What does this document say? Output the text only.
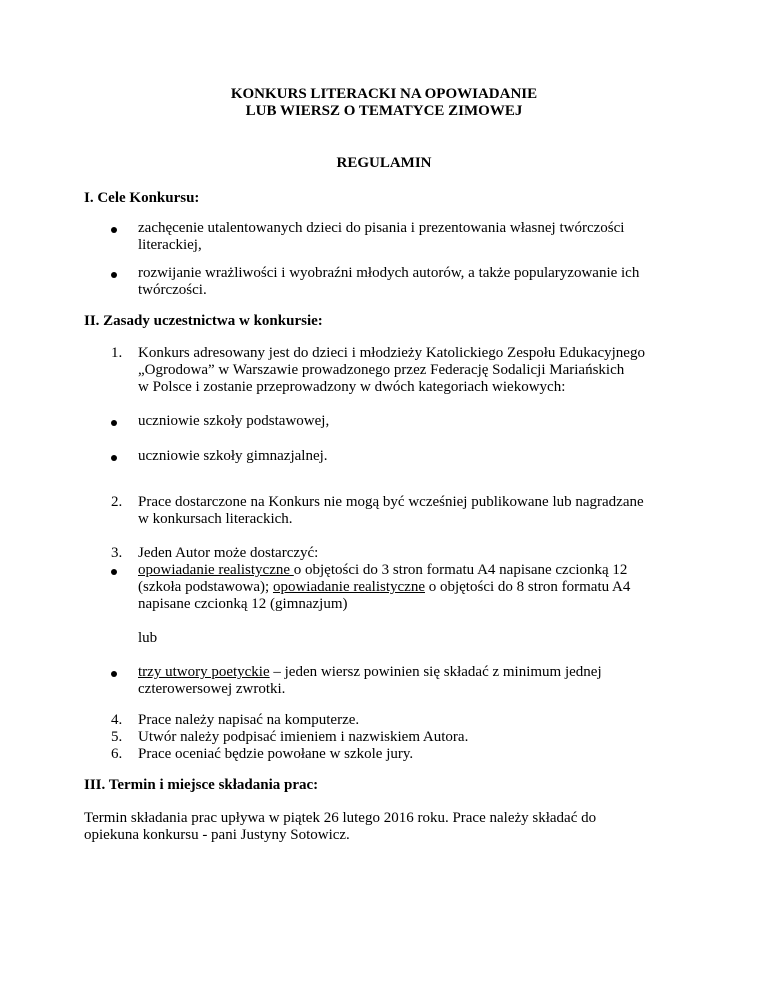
KONKURS LITERACKI NA OPOWIADANIE
LUB WIERSZ O TEMATYCE ZIMOWEJ
REGULAMIN
I. Cele Konkursu:
zachęcenie utalentowanych dzieci do pisania i prezentowania własnej twórczości
literackiej,
rozwijanie wrażliwości i wyobraźni młodych autorów, a także popularyzowanie ich
twórczości.
II. Zasady uczestnictwa w konkursie:
1. Konkurs adresowany jest do dzieci i młodzieży Katolickiego Zespołu Edukacyjnego
„Ogrodowa” w Warszawie prowadzonego przez Federację Sodalicji Mariańskich
w Polsce i zostanie przeprowadzony w dwóch kategoriach wiekowych:
uczniowie szkoły podstawowej,
uczniowie szkoły gimnazjalnej.
2. Prace dostarczone na Konkurs nie mogą być wcześniej publikowane lub nagradzane
w konkursach literackich.
3. Jeden Autor może dostarczyć:
opowiadanie realistyczne o objętości do 3 stron formatu A4 napisane czcionką 12
(szkoła podstawowa); opowiadanie realistyczne o objętości do 8 stron formatu A4
napisane czcionką 12 (gimnazjum)
lub
trzy utwory poetyckie – jeden wiersz powinien się składać z minimum jednej
czterowersowej zwrotki.
4. Prace należy napisać na komputerze.
5. Utwór należy podpisać imieniem i nazwiskiem Autora.
6. Prace oceniać będzie powołane w szkole jury.
III. Termin i miejsce składania prac:
Termin składania prac upływa w piątek 26 lutego 2016 roku. Prace należy składać do
opiekuna konkursu - pani Justyny Sotowicz.
